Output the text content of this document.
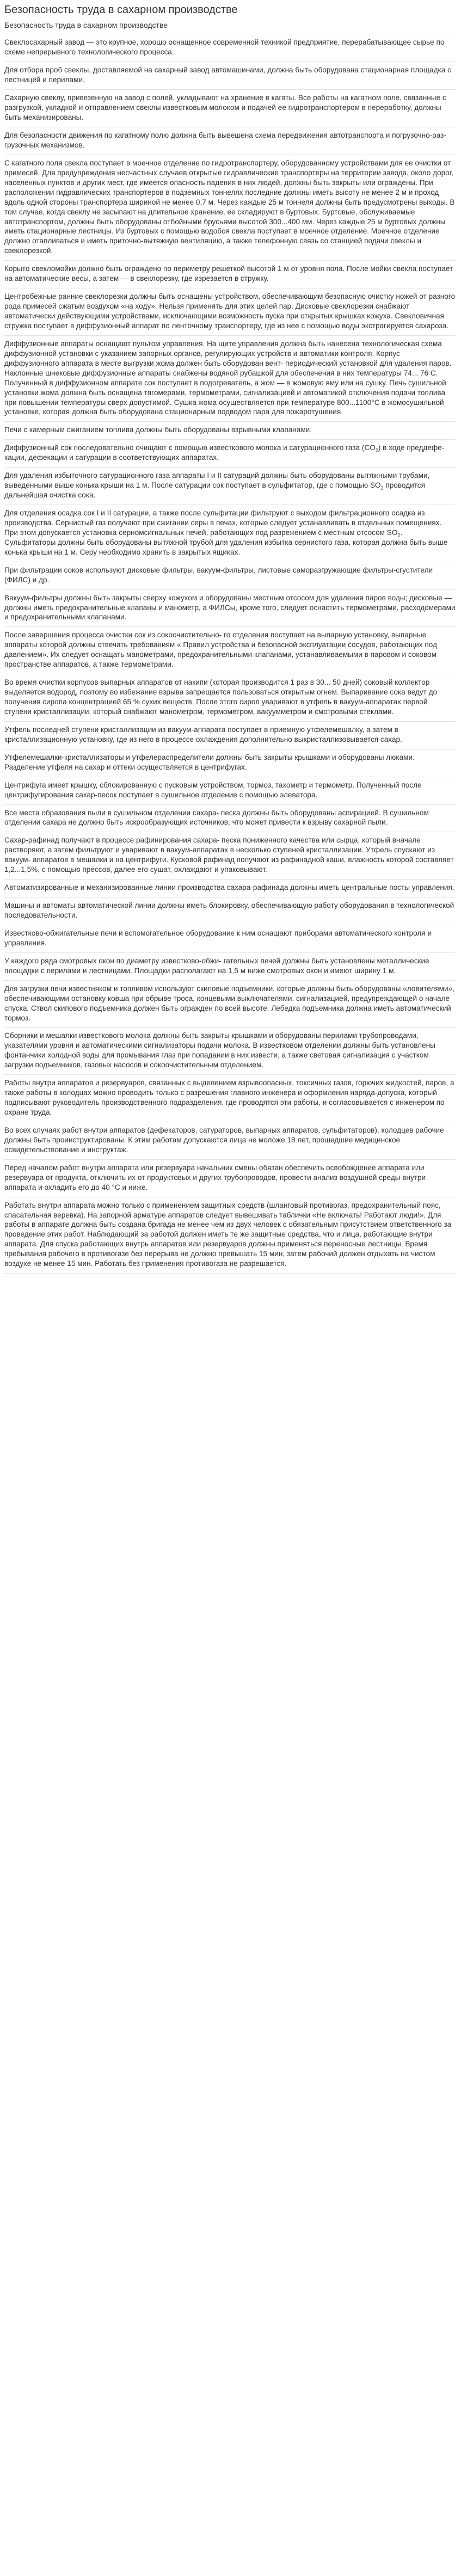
Безопасность труда в сахарном производстве
Безопасность труда в сахарном производстве
Свеклосахарный завод — это крупное, хорошо оснащенное современной техникой предприятие, перерабатывающее сырье по схеме непрерывного технологического процесса.
Для отбора проб свеклы, доставляемой на сахарный завод автомашинами, должна быть оборудована стационарная площадка с лестницей и перилами.
Сахарную свеклу, привезенную на завод с полей, укладывают на хранение в кагаты. Все работы на кагатном поле, связанные с разгрузкой, укладкой и отправлением свеклы известковым молоком и подачей ее гидротранспортером в переработку, должны быть механизированы.
Для безопасности движения по кагатному полю должна быть вывешена схема передвижения автотранспорта и погрузочно-раз- грузочных механизмов.
С кагатного поля свекла поступает в моечное отделение по гидротранспортеру, оборудованному устройствами для ее очистки от примесей. Для предупреждения несчастных случаев открытые гидравлические транспортеры на территории завода, около дорог, населенных пунктов и других мест, где имеется опасность падения в них людей, должны быть закрыты или ограждены. При расположении гидравлических транспортеров в подземных тоннелях последние должны иметь высоту не менее 2 м и проход вдоль одной стороны транспортера шириной не менее 0,7 м. Через каждые 25 м тоннеля должны быть предусмотрены выходы. В том случае, когда свеклу не засыпают на длительное хранение, ее складируют в буртовых. Буртовые, обслуживаемые автотранспортом, должны быть оборудованы отбойными брусьями высотой 300...400 мм. Через каждые 25 м буртовых должны иметь стационарные лестницы. Из буртовых с помощью водобоя свекла поступает в моечное отделение. Моечное отделение должно отапливаться и иметь приточно-вытяжную вентиляцию, а также телефонную связь со станцией подачи свеклы и свеклорезкой.
Корыто свекломойки должно быть ограждено по периметру решеткой высотой 1 м от уровня пола. После мойки свекла поступает на автоматические весы, а затем — в свеклорезку, где изрезается в стружку.
Центробежные ранние свеклорезки должны быть оснащены устройством, обеспечивающим безопасную очистку ножей от разного рода примесей сжатым воздухом «на ходу». Нельзя применять для этих целей пар. Дисковые свеклорезки снабжают автоматически действующими устройствами, исключающими возможность пуска при открытых крышках кожуха. Свекловичная стружка поступает в диффузионный аппарат по ленточному транспортеру, где из нее с помощью воды экстрагируется сахароза.
Диффузионные аппараты оснащают пультом управления. На щите управления должна быть нанесена технологическая схема диффузионной установки с указанием запорных органов, регулирующих устройств и автоматики контроля. Корпус диффузионного аппарата в месте выгрузки жома должен быть оборудован вент- периодический установкой для удаления паров. Наклонные шнековые диффузионные аппараты снабжены водяной рубашкой для обеспечения в них температуры 74... 76 С. Полученный в диффузионном аппарате сок поступает в подогреватель, а жом — в жомовую яму или на сушку. Печь сушильной установки жома должна быть оснащена тягомерами, термометрами, сигнализацией и автоматикой отключения подачи топлива при повышении температуры сверх допустимой. Сушка жома осуществляется при температуре 800...1100°С в жомосушильной установке, которая должна быть оборудована стационарным подводом пара для пожаротушения.
Печи с камерным сжиганием топлива должны быть оборудованы взрывными клапанами.
Диффузионный сок последовательно очищают с помощью известкового молока и сатурационного газа $(CO_2)$ в ходе преддефе- кации, дефекации и сатурации в соответствующих аппаратах.
Для удаления избыточного сатурационного газа аппараты I и II сатураций должны быть оборудованы вытяжными трубами, выведенными выше конька крыши на 1 м. После сатурации сок поступает в сульфитатор, где с помощью $SO_2$ проводится дальнейшая очистка сока.
Для отделения осадка сок I и II сатурации, а также после сульфитации фильтруют с выходом фильтрационного осадка из производства. Сернистый газ получают при сжигании серы в печах, которые следует устанавливать в отдельных помещениях. При этом допускается установка серномсигнальных печей, работающих под разрежением с местным отсосом $SO_2$. Сульфитаторы должны быть оборудованы вытяжной трубой для удаления избытка сернистого газа, которая должна быть выше конька крыши на 1 м. Серу необходимо хранить в закрытых ящиках.
При фильтрации соков используют дисковые фильтры, вакуум-фильтры, листовые саморазгружающие фильтры-сгустители (ФИЛС) и др.
Вакуум-фильтры должны быть закрыты сверху кожухом и оборудованы местным отсосом для удаления паров воды; дисковые — должны иметь предохранительные клапаны и манометр, а ФИЛСы, кроме того, следует оснастить термометрами, расходомерами и предохранительными клапанами.
После завершения процесса очистки сок из сокоочистительно- го отделения поступает на выпарную установку, выпарные аппараты которой должны отвечать требованиям « Правил устройства и безопасной эксплуатации сосудов, работающих под давлением». Их следует оснащать манометрами, предохранительными клапанами, устанавливаемыми в паровом и соковом пространстве аппаратов, а также термометрами.
Во время очистки корпусов выпарных аппаратов от накипи (которая производится 1 раз в 30... 50 дней) соковый коллектор выделяется водород, поэтому во избежание взрыва запрещается пользоваться открытым огнем. Выпаривание сока ведут до получения сиропа концентрацией 65 % сухих веществ. После этого сироп уваривают в утфель в вакуум-аппаратах первой ступени кристаллизации, который снабжают манометром, термометром, вакуумметром и смотровыми стеклами.
Утфель последней ступени кристаллизации из вакуум-аппарата поступает в приемную утфелемешалку, а затем в кристаллизационную установку, где из него в процессе охлаждения дополнительно выкристаллизовывается сахар.
Утфелемешалки-кристаллизаторы и утфелераспределители должны быть закрыты крышками и оборудованы люками. Разделение утфеля на сахар и оттеки осуществляется в центрифугах.
Центрифуга имеет крышку, сблокированную с пусковым устройством, тормоз, тахометр и термометр. Полученный после центрифугирования сахар-песок поступает в сушильное отделение с помощью элеватора.
Все места образования пыли в сушильном отделении сахара- песка должны быть оборудованы аспирацией. В сушильном отделении сахара не должно быть искрообразующих источников, что может привести к взрыву сахарной пыли.
Сахар-рафинад получают в процессе рафинирования сахара- песка пониженного качества или сырца, который вначале растворяют, а затем фильтруют и уваривают в вакуум-аппаратах в несколько ступеней кристаллизации. Утфель спускают из вакуум- аппаратов в мешалки и на центрифуги. Кусковой рафинад получают из рафинадной каши, влажность которой составляет 1,2...1,5%, с помощью прессов, далее его сушат, охлаждают и упаковывают.
Автоматизированные и механизированные линии производства сахара-рафинада должны иметь центральные посты управления.
Машины и автоматы автоматической линии должны иметь блокировку, обеспечивающую работу оборудования в технологической последовательности.
Известково-обжигательные печи и вспомогательное оборудование к ним оснащают приборами автоматического контроля и управления.
У каждого ряда смотровых окон по диаметру известково-обжи- гательных печей должны быть установлены металлические площадки с перилами и лестницами. Площадки располагают на 1,5 м ниже смотровых окон и имеют ширину 1 м.
Для загрузки печи известняком и топливом используют скиповые подъемники, которые должны быть оборудованы «ловителями», обеспечивающими остановку ковша при обрыве троса, концевыми выключателями, сигнализацией, предупреждающей о начале спуска. Ствол скипового подъемника должен быть огражден по всей высоте. Лебедка подъемника должна иметь автоматический тормоз.
Сборники и мешалки известкового молока должны быть закрыты крышками и оборудованы перилами трубопроводами, указателями уровня и автоматическими сигнализаторы подачи молока. В известковом отделении должны быть установлены фонтанчики холодной воды для промывания глаз при попадании в них извести, а также световая сигнализация с участком загрузки подъемников, газовых насосов и сокоочистительным отделением.
Работы внутри аппаратов и резервуаров, связанных с выделением взрывоопасных, токсичных газов, горючих жидкостей, паров, а также работы в колодцах можно проводить только с разрешения главного инженера и оформления наряда-допуска, который подписывают руководитель производственного подразделения, где проводятся эти работы, и согласовывается с инженером по охране труда.
Вo всех случаях работ внутри аппаратов (дефекаторов, сатураторов, выпарных аппаратов, сульфитаторов), колодцев рабочие должны быть проинструктированы. К этим работам допускаются лица не моложе 18 лет, прошедшие медицинское освидетельствование и инструктаж.
Перед началом работ внутри аппарата или резервуара начальник смены обязан обеспечить освобождение аппарата или резервуара от продукта, отключить их от продуктовых и других трубопроводов, провести анализ воздушной среды внутри аппарата и охладить его до 40 °С и ниже.
Работать внутри аппарата можно только с применением защитных средств (шланговый противогаз, предохранительный пояс, спасательная веревка). На запорной арматуре аппаратов следует вывешивать таблички «Не включать! Работают люди!». Для работы в аппарате должна быть создана бригада не менее чем из двух человек с обязательным присутствием ответственного за проведение этих работ. Наблюдающий за работой должен иметь те же защитные средства, что и лица, работающие внутри аппарата. Для спуска работающих внутрь аппаратов или резервуаров должны применяться переносные лестницы. Время пребывания рабочего в противогазе без перерыва не должно превышать 15 мин, затем рабочий должен отдыхать на чистом воздухе не менее 15 мин. Работать без применения противогаза не разрешается.
